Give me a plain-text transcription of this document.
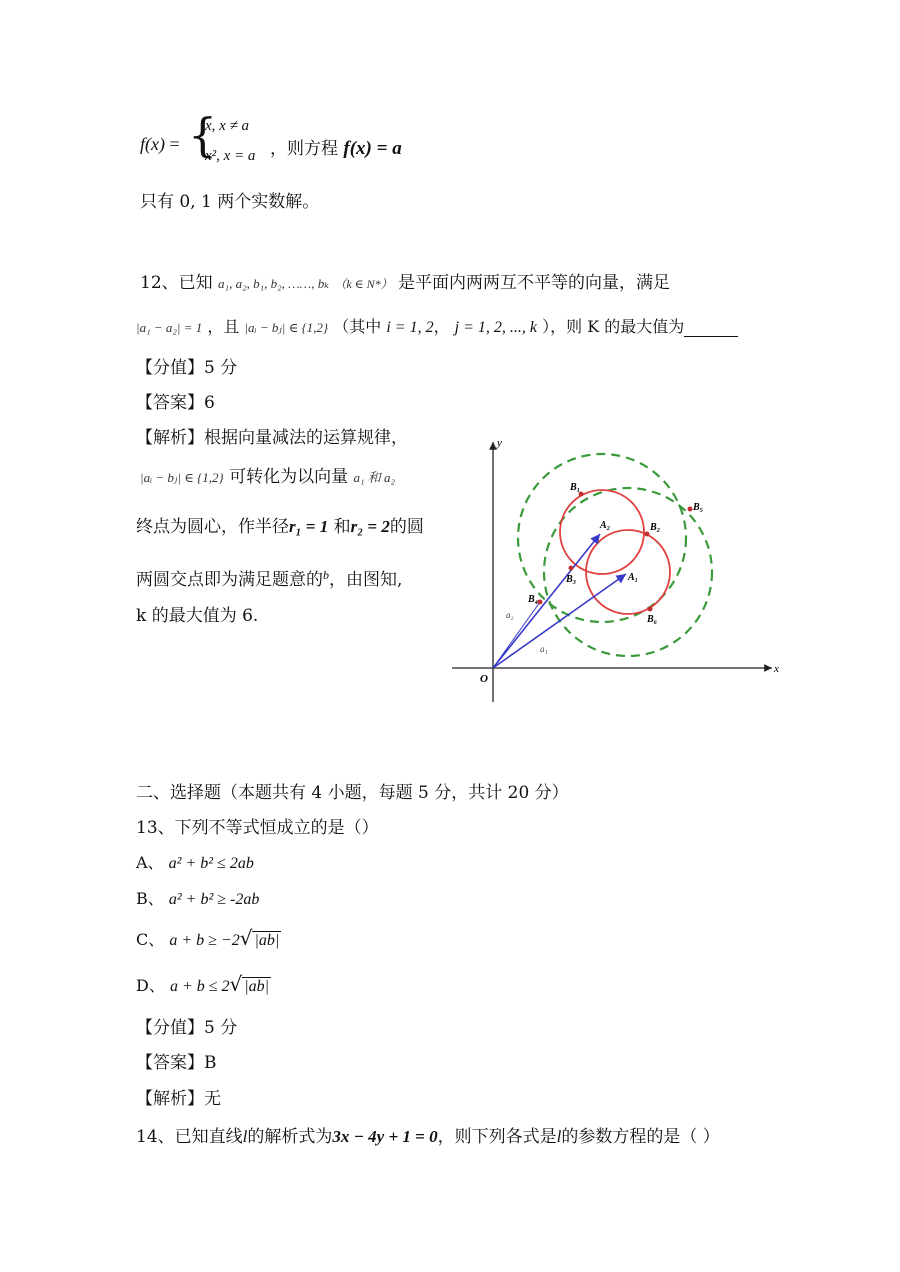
f(x) = {
x, x ≠ a
x², x = a ，则方程 f(x) = a
只有 0, 1 两个实数解。
12、已知 a₁, a₂, b₁, b₂, ……, bₖ （k ∈ N*） 是平面内两两互不平等的向量，满足
|a₁ − a₂| = 1 ，且 |aᵢ − bⱼ| ∈ {1,2} （其中 i = 1, 2， j = 1, 2, ..., k ），则 K 的最大值为
【分值】5 分
【答案】6
【解析】根据向量减法的运算规律，
|aᵢ − bⱼ| ∈ {1,2} 可转化为以向量 a₁ 和 a₂
终点为圆心，作半径r₁ = 1 和r₂ = 2的圆
两圆交点即为满足题意的$^b$，由图知,
k 的最大值为 6.
x
y
O
B₁
B₂
B₃
B₄
B₅
B₆
A₁
A₂
a₂
a₁
二、选择题（本题共有 4 小题，每题 5 分，共计 20 分）
13、下列不等式恒成立的是（）
A、 a² + b² ≤ 2ab
B、 a² + b² ≥ -2ab
C、 a + b ≥ −2√ |ab|
D、 a + b ≤ 2√ |ab|
【分值】5 分
【答案】B
【解析】无
14、已知直线l的解析式为3x − 4y + 1 = 0，则下列各式是l的参数方程的是（ ）
